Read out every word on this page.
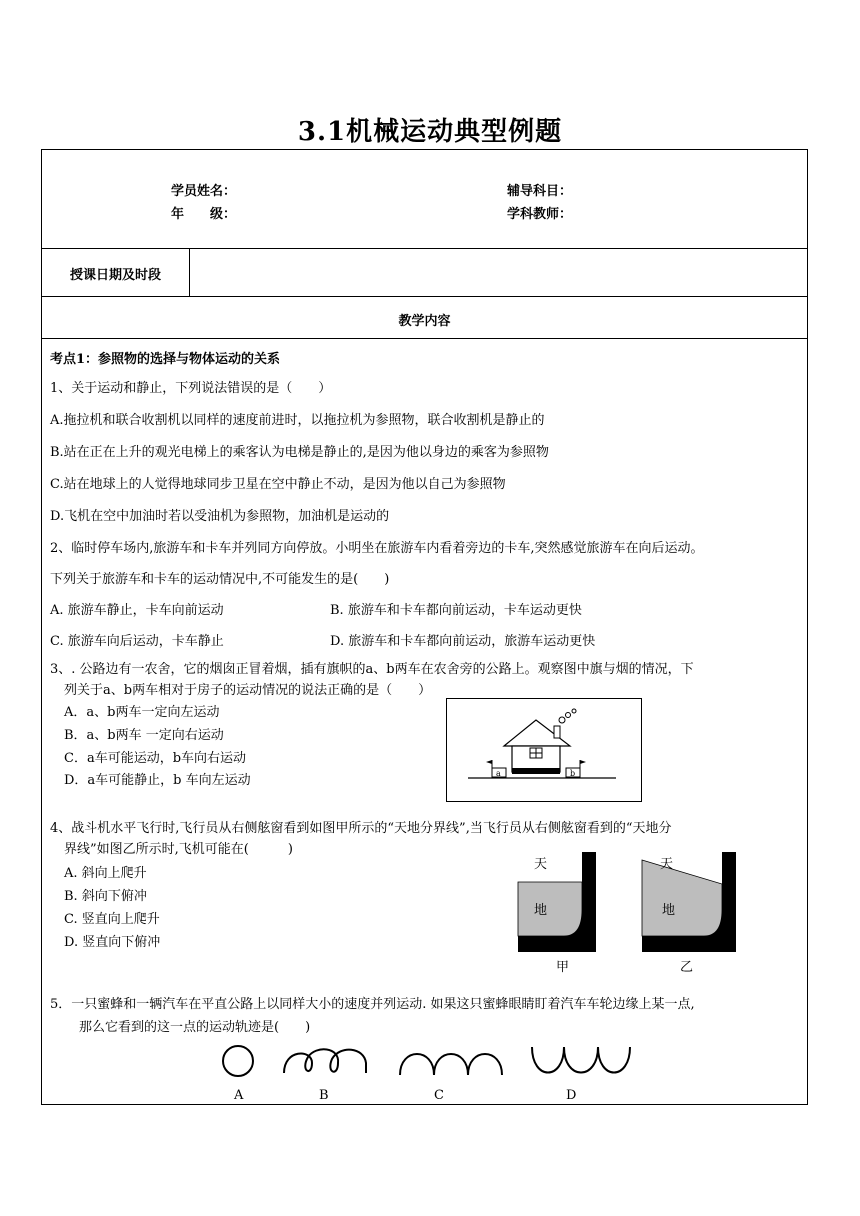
3.1机械运动典型例题
学员姓名：	辅导科目：
年　　级：	学科教师：
授课日期及时段
教学内容
考点1：参照物的选择与物体运动的关系
1、关于运动和静止，下列说法错误的是（　　）
A.拖拉机和联合收割机以同样的速度前进时，以拖拉机为参照物，联合收割机是静止的
B.站在正在上升的观光电梯上的乘客认为电梯是静止的,是因为他以身边的乘客为参照物
C.站在地球上的人觉得地球同步卫星在空中静止不动，是因为他以自己为参照物
D.飞机在空中加油时若以受油机为参照物，加油机是运动的
2、临时停车场内,旅游车和卡车并列同方向停放。小明坐在旅游车内看着旁边的卡车,突然感觉旅游车在向后运动。
下列关于旅游车和卡车的运动情况中,不可能发生的是(　　)
A. 旅游车静止，卡车向前运动	B. 旅游车和卡车都向前运动，卡车运动更快
C. 旅游车向后运动，卡车静止	D. 旅游车和卡车都向前运动，旅游车运动更快
3、. 公路边有一农舍，它的烟囱正冒着烟，插有旗帜的a、b两车在农舍旁的公路上。观察图中旗与烟的情况，下
列关于a、b两车相对于房子的运动情况的说法正确的是（　　）
A．a、b两车一定向左运动
B．a、b两车 一定向右运动
C．a车可能运动，b车向右运动
D．a车可能静止，b 车向左运动	a	b
4、战斗机水平飞行时,飞行员从右侧舷窗看到如图甲所示的“天地分界线”,当飞行员从右侧舷窗看到的“天地分
界线”如图乙所示时,飞机可能在(　　　)
A. 斜向上爬升
B. 斜向下俯冲
C. 竖直向上爬升
D. 竖直向下俯冲
天
地
甲
天
地
乙
5．一只蜜蜂和一辆汽车在平直公路上以同样大小的速度并列运动. 如果这只蜜蜂眼睛盯着汽车车轮边缘上某一点,
那么它看到的这一点的运动轨迹是(　　)
A	B	C	D
